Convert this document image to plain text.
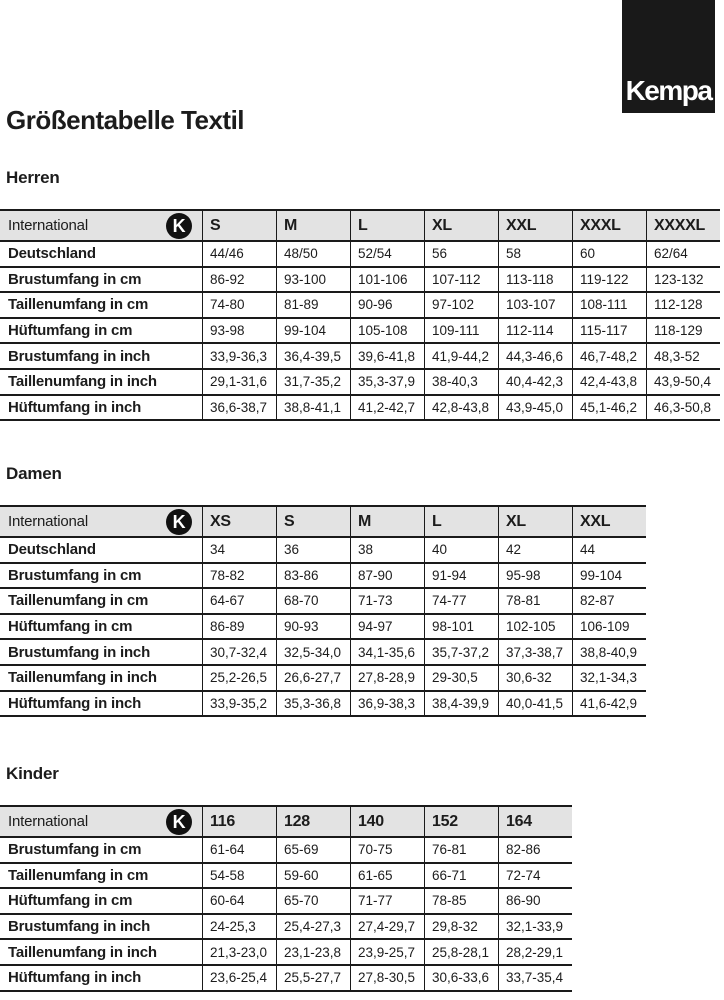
Kempa
Größentabelle Textil
Herren
International	K	S	M	L	XL	XXL	XXXL	XXXXL
Deutschland	44/46	48/50	52/54	56	58	60	62/64
Brustumfang in cm	86-92	93-100	101-106	107-112	113-118	119-122	123-132
Taillenumfang in cm	74-80	81-89	90-96	97-102	103-107	108-111	112-128
Hüftumfang in cm	93-98	99-104	105-108	109-111	112-114	115-117	118-129
Brustumfang in inch	33,9-36,3	36,4-39,5	39,6-41,8	41,9-44,2	44,3-46,6	46,7-48,2	48,3-52
Taillenumfang in inch	29,1-31,6	31,7-35,2	35,3-37,9	38-40,3	40,4-42,3	42,4-43,8	43,9-50,4
Hüftumfang in inch	36,6-38,7	38,8-41,1	41,2-42,7	42,8-43,8	43,9-45,0	45,1-46,2	46,3-50,8
Damen
International	K	XS	S	M	L	XL	XXL
Deutschland	34	36	38	40	42	44
Brustumfang in cm	78-82	83-86	87-90	91-94	95-98	99-104
Taillenumfang in cm	64-67	68-70	71-73	74-77	78-81	82-87
Hüftumfang in cm	86-89	90-93	94-97	98-101	102-105	106-109
Brustumfang in inch	30,7-32,4	32,5-34,0	34,1-35,6	35,7-37,2	37,3-38,7	38,8-40,9
Taillenumfang in inch	25,2-26,5	26,6-27,7	27,8-28,9	29-30,5	30,6-32	32,1-34,3
Hüftumfang in inch	33,9-35,2	35,3-36,8	36,9-38,3	38,4-39,9	40,0-41,5	41,6-42,9
Kinder
International	K	116	128	140	152	164
Brustumfang in cm	61-64	65-69	70-75	76-81	82-86
Taillenumfang in cm	54-58	59-60	61-65	66-71	72-74
Hüftumfang in cm	60-64	65-70	71-77	78-85	86-90
Brustumfang in inch	24-25,3	25,4-27,3	27,4-29,7	29,8-32	32,1-33,9
Taillenumfang in inch	21,3-23,0	23,1-23,8	23,9-25,7	25,8-28,1	28,2-29,1
Hüftumfang in inch	23,6-25,4	25,5-27,7	27,8-30,5	30,6-33,6	33,7-35,4
